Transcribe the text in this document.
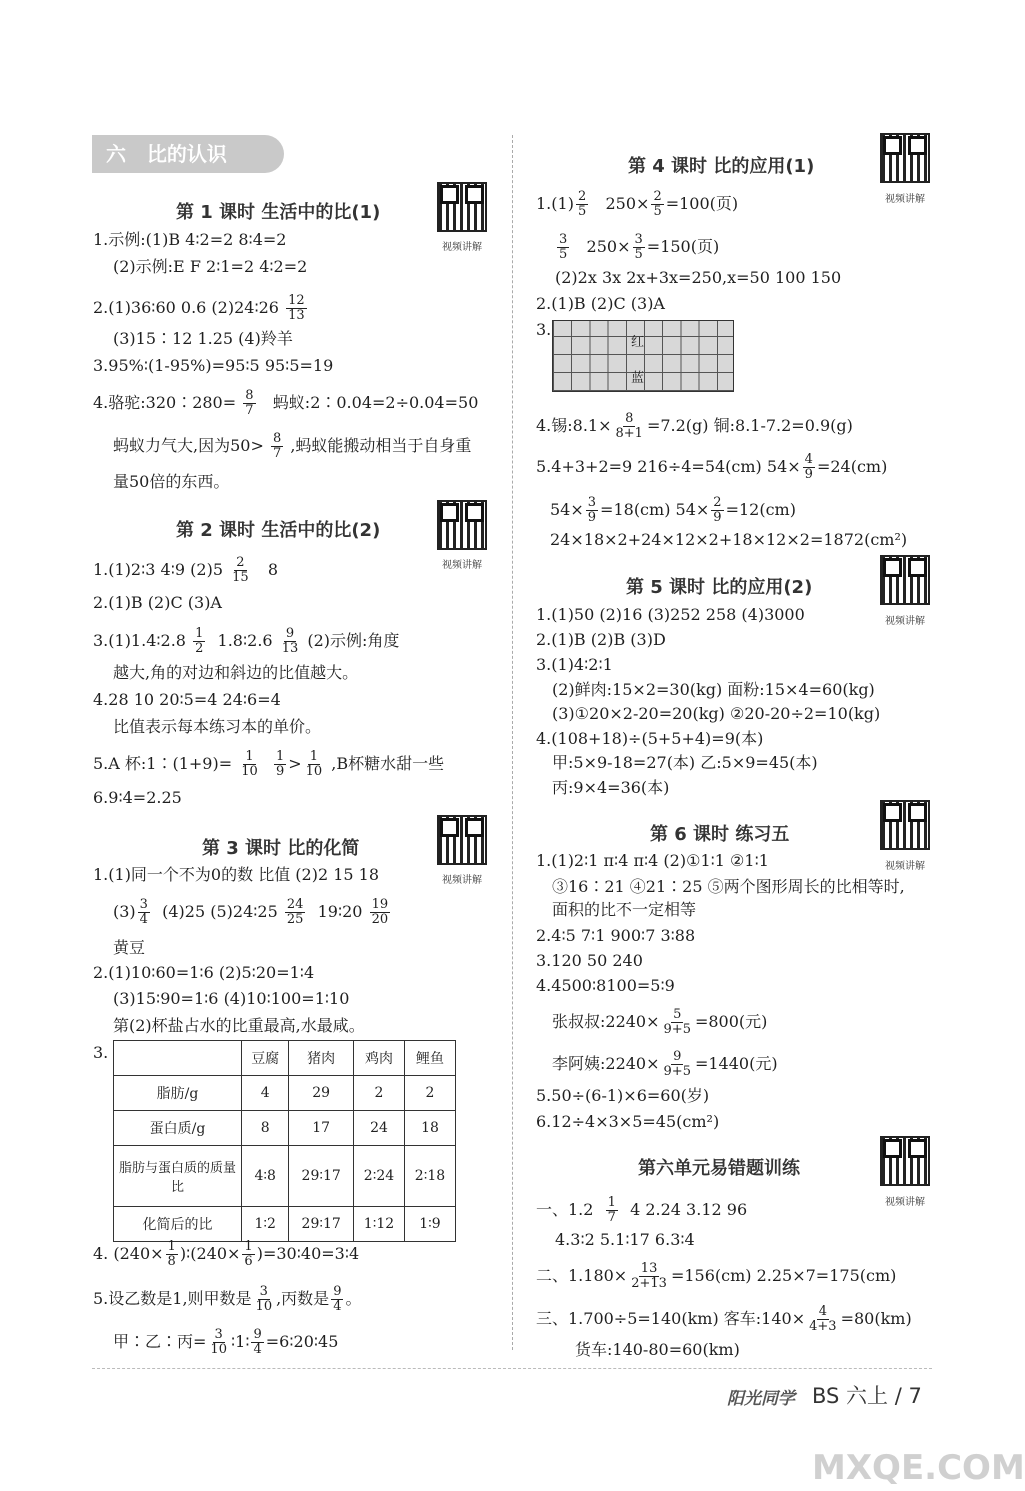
六   比的认识
第 1 课时 生活中的比(1)
视频讲解
1.示例:(1)B 4∶2=2 8∶4=2
(2)示例:E F 2∶1=2 4∶2=2
2.(1)36∶60 0.6 (2)24∶26 $\frac{12}{13}$
(3)15∶12 1.25 (4)羚羊
3.95%∶(1-95%)=95∶5 95∶5=19
4.骆驼:320∶280= $\frac{8}{7}$ 蚂蚁:2∶0.04=2÷0.04=50
蚂蚁力气大,因为$50> \frac{8}{7}$ ,蚂蚁能搬动相当于自身重
量50倍的东西。
第 2 课时 生活中的比(2)
视频讲解
1.(1)2∶3 4∶9 $(2)5 \frac{2}{15} 8$
2.(1)B (2)C (3)A
3.(1)1.4∶2.8 $\frac{1}{2}$ 1.8∶2.6 $\frac{9}{13} (2)$示例:角度
越大,角的对边和斜边的比值越大。
4.28 10 20∶5=4 24∶6=4
比值表示每本练习本的单价。
5.A 杯:1∶(1+9)= $\frac{1}{10}$
$\frac{1}{9} > \frac{1}{10} ,B$杯糖水甜一些
6.9∶4=2.25
第 3 课时 比的化简
视频讲解
1.(1)同一个不为0的数 比值 (2)2 15 18
$(3) \frac{3}{4} (4)25$ (5)24∶25 $\frac{24}{25}$ 19∶20 $\frac{19}{20}$
黄豆
2.(1)10∶60=1∶6 (2)5∶20=1∶4
(3)15∶90=1∶6 (4)10∶100=1∶10
第(2)杯盐占水的比重最高,水最咸。
3.
		豆腐	猪肉	鸡肉	鲤鱼
脂肪/g	4	29	2	2
蛋白质/g	8	17	24	18
脂肪与蛋白质的质量比	4∶8	29∶17	2∶24	2∶18
化简后的比	1∶2	29∶17	1∶12	1∶9
4. ($240\times \frac{1}{8}$ )∶(240× $\frac{1}{6}$ )=30∶40=3∶4
5.设乙数是1,则甲数是 $\frac{3}{10}$ ,丙数是 $\frac{9}{4}$ 。
甲∶乙∶丙= $\frac{3}{10}$ ∶1∶ $\frac{9}{4}$ =6∶20∶45
第 4 课时 比的应用(1)
视频讲解
$1.(1) \frac{2}{5} 250\times \frac{2}{5} =100$(页)
$\frac{3}{5} 250\times \frac{3}{5} =150$(页)
(2)2x 3x 2x+3x=250,x=50 100 150
2.(1)B (2)C (3)A
3.
红
蓝
4.锡:8.1× $\frac{8}{8+1} =7.2(g)$ 铜:8.1-7.2=0.9(g)
5.4+3+2=9 216÷4=54(cm) $54\times \frac{4}{9} =24(cm)$
$54\times \frac{3}{9} =18(cm)$ $54\times \frac{2}{9} =12(cm)$
24×18×2+24×12×2+18×12×2=1872(cm²)
第 5 课时 比的应用(2)
视频讲解
1.(1)50 (2)16 (3)252 258 (4)3000
2.(1)B (2)B (3)D
3.(1)4∶2∶1
(2)鲜肉:15×2=30(kg) 面粉:15×4=60(kg)
(3)①20×2-20=20(kg) ②20-20÷2=10(kg)
4.(108+18)÷(5+5+4)=9(本)
甲:5×9-18=27(本) 乙:5×9=45(本)
丙:9×4=36(本)
第 6 课时 练习五
视频讲解
1.(1)2∶1 π∶4 π∶4 (2)①1∶1 ②1∶1
③16∶21 ④21∶25 ⑤两个图形周长的比相等时,
面积的比不一定相等
2.4∶5 7∶1 900∶7 3∶88
3.120 50 240
4.4500∶8100=5∶9
张叔叔:2240× $\frac{5}{9+5} =800$(元)
李阿姨:2240× $\frac{9}{9+5} =1440$(元)
5.50÷(6-1)×6=60(岁)
6.12÷4×3×5=45(cm²)
第六单元易错题训练
视频讲解
一、$1.2 \frac{1}{7} 4$ 2.24 3.12 96
4.3∶2 5.1∶17 6.3∶4
二、$1.180\times \frac{13}{2+13} =156(cm)$ 2.25×7=175(cm)
三、1.700÷5=140(km) 客车:140× $\frac{4}{4+3} =80(km)$
货车:140-80=60(km)
阳光同学 BS 六上 / 7
MXQE.COM
